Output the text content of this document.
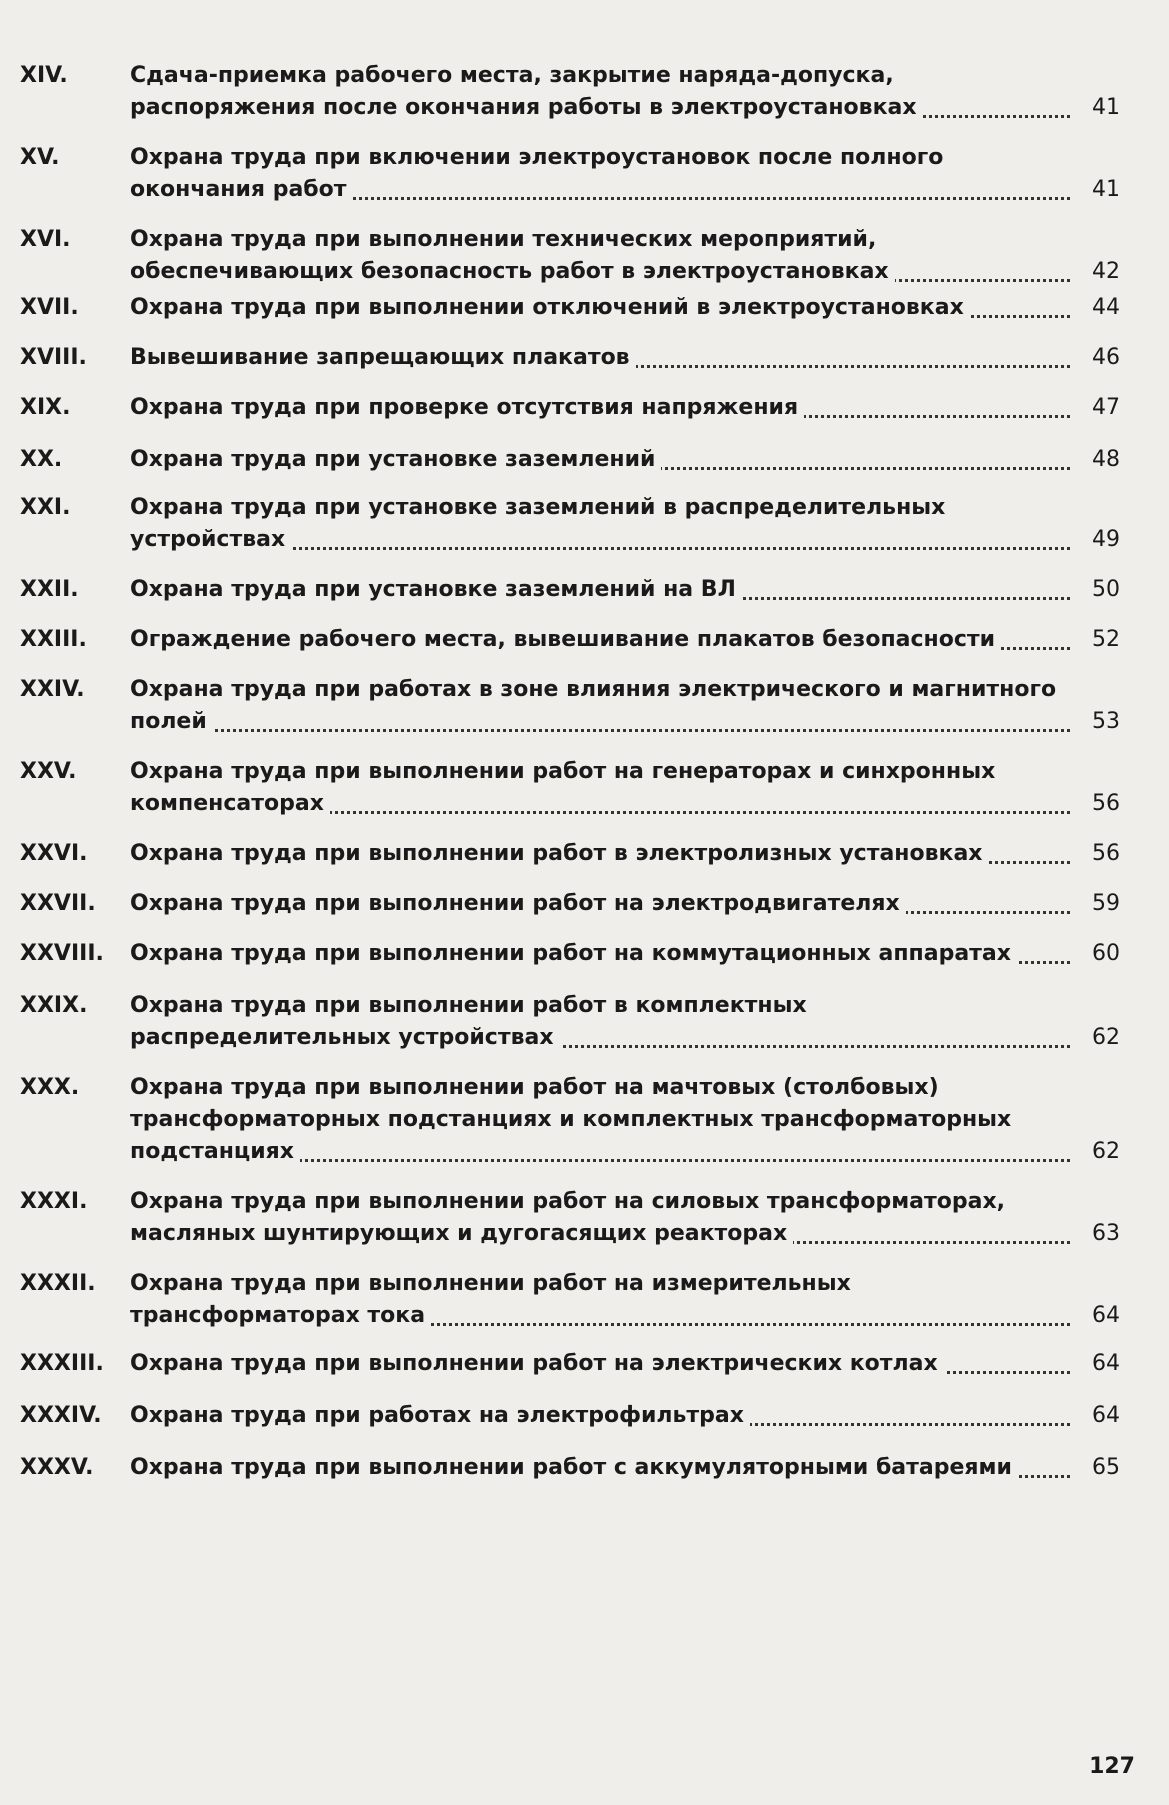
XIV.	Сдача-приемка рабочего места, закрытие наряда-допуска, распоряжения после окончания работы в электроустановках	41
XV.	Охрана труда при включении электроустановок после полного окончания работ	41
XVI.	Охрана труда при выполнении технических мероприятий, обеспечивающих безопасность работ в электроустановках	42
XVII.	Охрана труда при выполнении отключений в электроустановках	44
XVIII.	Вывешивание запрещающих плакатов	46
XIX.	Охрана труда при проверке отсутствия напряжения	47
XX.	Охрана труда при установке заземлений	48
XXI.	Охрана труда при установке заземлений в распределительных устройствах	49
XXII.	Охрана труда при установке заземлений на ВЛ	50
XXIII.	Ограждение рабочего места, вывешивание плакатов безопасности	52
XXIV.	Охрана труда при работах в зоне влияния электрического и магнитного полей	53
XXV.	Охрана труда при выполнении работ на генераторах и синхронных компенсаторах	56
XXVI.	Охрана труда при выполнении работ в электролизных установках	56
XXVII.	Охрана труда при выполнении работ на электродвигателях	59
XXVIII.	Охрана труда при выполнении работ на коммутационных аппаратах	60
XXIX.	Охрана труда при выполнении работ в комплектных распределительных устройствах	62
XXX.	Охрана труда при выполнении работ на мачтовых (столбовых) трансформаторных подстанциях и комплектных трансформаторных подстанциях	62
XXXI.	Охрана труда при выполнении работ на силовых трансформаторах, масляных шунтирующих и дугогасящих реакторах	63
XXXII.	Охрана труда при выполнении работ на измерительных трансформаторах тока	64
XXXIII.	Охрана труда при выполнении работ на электрических котлах	64
XXXIV.	Охрана труда при работах на электрофильтрах	64
XXXV.	Охрана труда при выполнении работ с аккумуляторными батареями	65
127
